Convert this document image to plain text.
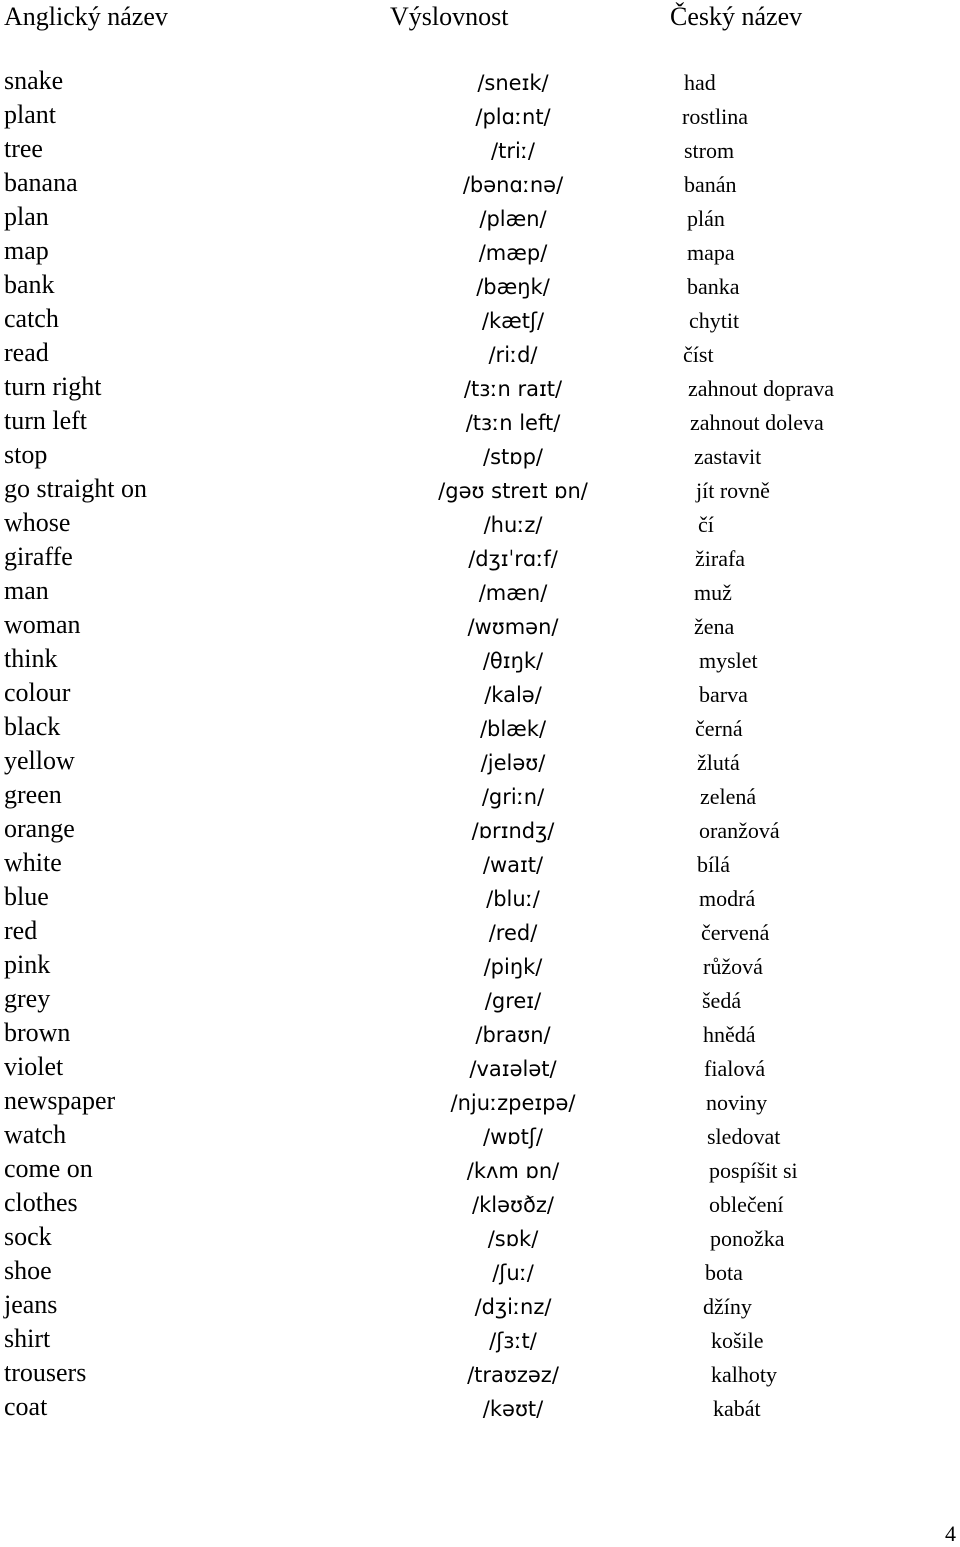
Anglický název	Výslovnost	Český název
snake	/sneɪk/	had
plant	/plɑːnt/	rostlina
tree	/triː/	strom
banana	/bənɑːnə/	banán
plan	/plæn/	plán
map	/mæp/	mapa
bank	/bæŋk/	banka
catch	/kætʃ/	chytit
read	/riːd/	číst
turn right	/tɜːn raɪt/	zahnout doprava
turn left	/tɜːn left/	zahnout doleva
stop	/stɒp/	zastavit
go straight on	/gəʊ streɪt ɒn/	jít rovně
whose	/huːz/	čí
giraffe	/dʒɪˈrɑːf/	žirafa
man	/mæn/	muž
woman	/wʊmən/	žena
think	/θɪŋk/	myslet
colour	/kalə/	barva
black	/blæk/	černá
yellow	/jeləʊ/	žlutá
green	/griːn/	zelená
orange	/ɒrɪndʒ/	oranžová
white	/waɪt/	bílá
blue	/bluː/	modrá
red	/red/	červená
pink	/piŋk/	růžová
grey	/greɪ/	šedá
brown	/braʊn/	hnědá
violet	/vaɪələt/	fialová
newspaper	/njuːzpeɪpə/	noviny
watch	/wɒtʃ/	sledovat
come on	/kʌm ɒn/	pospíšit si
clothes	/kləʊðz/	oblečení
sock	/sɒk/	ponožka
shoe	/ʃuː/	bota
jeans	/dʒiːnz/	džíny
shirt	/ʃɜːt/	košile
trousers	/traʊzəz/	kalhoty
coat	/kəʊt/	kabát
4
